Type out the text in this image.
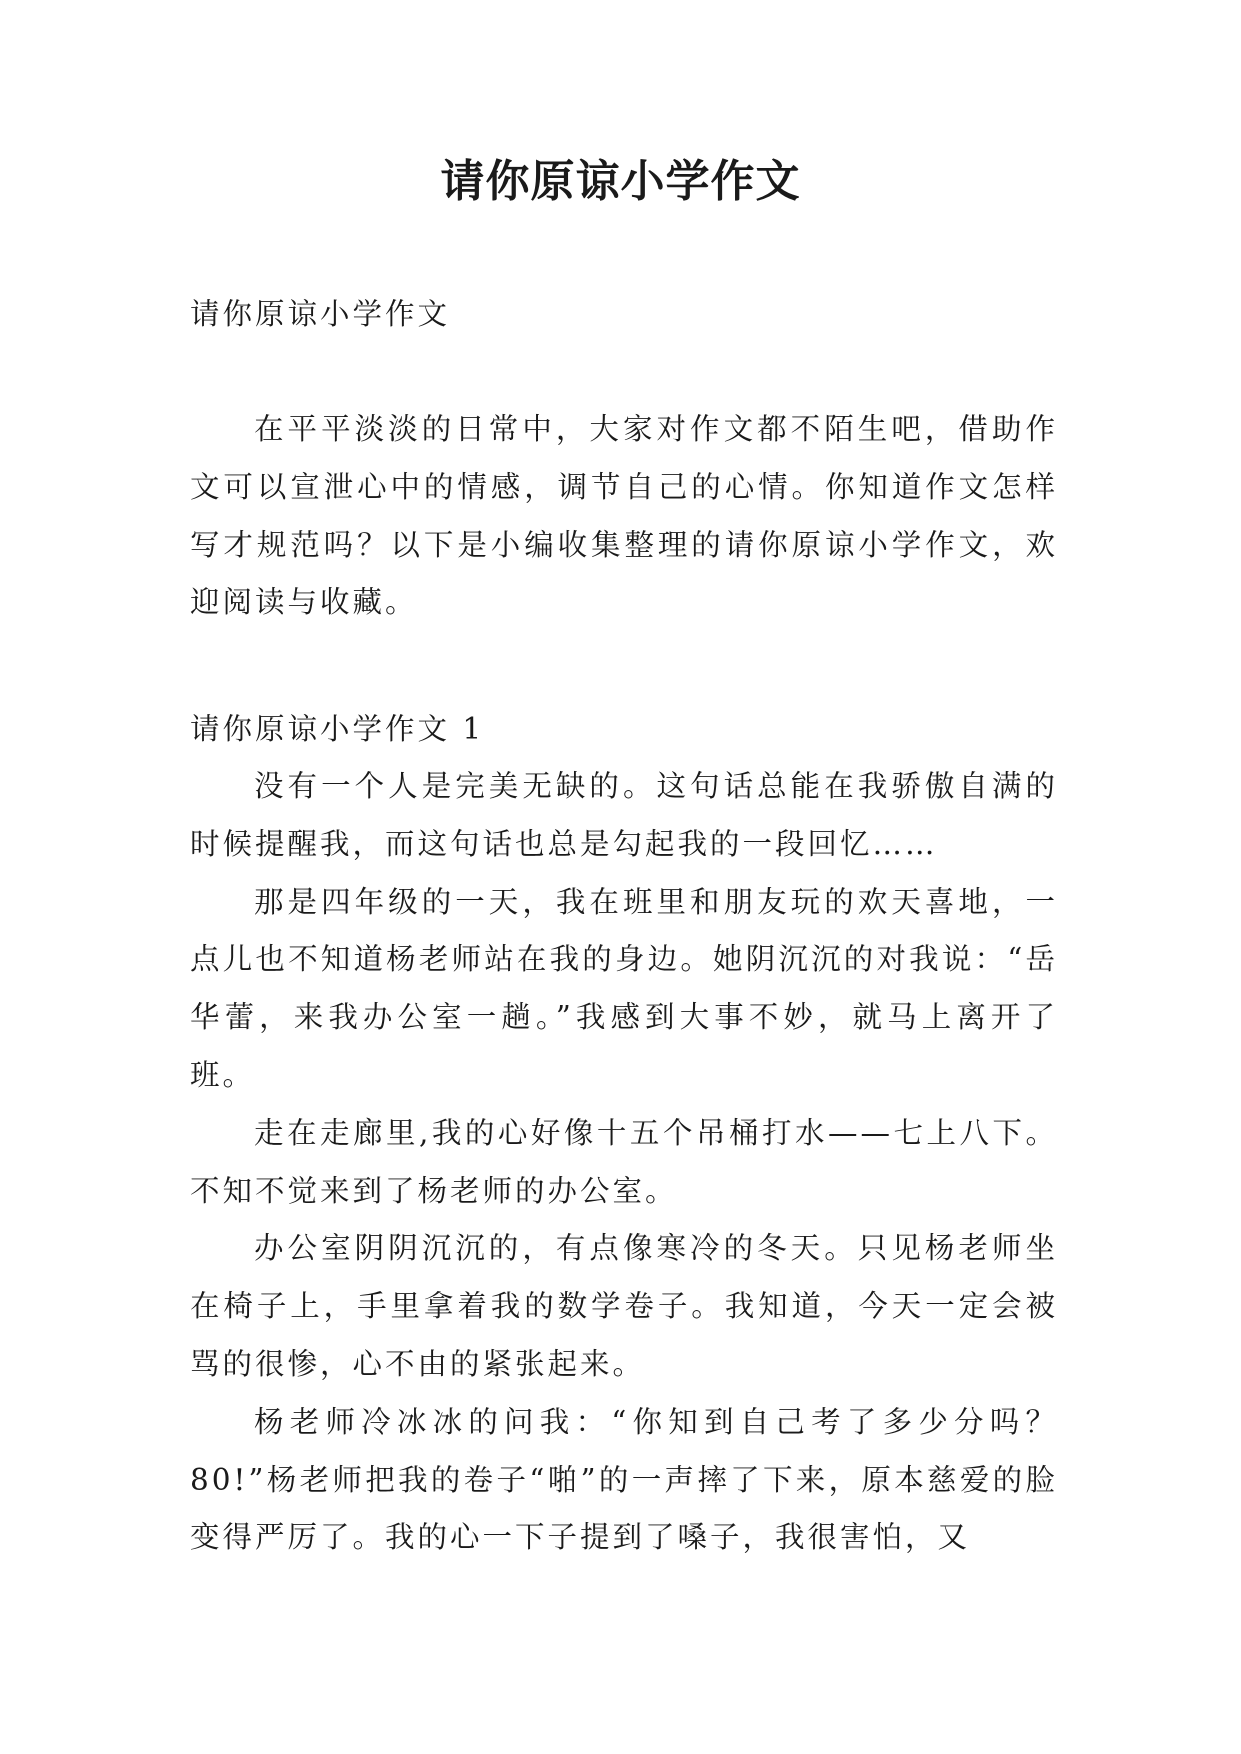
请你原谅小学作文
请你原谅小学作文
在平平淡淡的日常中，大家对作文都不陌生吧，借助作文可以宣泄心中的情感，调节自己的心情。你知道作文怎样写才规范吗？以下是小编收集整理的请你原谅小学作文，欢迎阅读与收藏。
请你原谅小学作文 1

没有一个人是完美无缺的。这句话总能在我骄傲自满的时候提醒我，而这句话也总是勾起我的一段回忆……

那是四年级的一天，我在班里和朋友玩的欢天喜地，一点儿也不知道杨老师站在我的身边。她阴沉沉的对我说：“岳华蕾，来我办公室一趟。”我感到大事不妙，就马上离开了班。

走在走廊里,我的心好像十五个吊桶打水——七上八下。不知不觉来到了杨老师的办公室。

办公室阴阴沉沉的，有点像寒冷的冬天。只见杨老师坐在椅子上，手里拿着我的数学卷子。我知道，今天一定会被骂的很惨，心不由的紧张起来。

杨老师冷冰冰的问我：“你知到自己考了多少分吗？80!”杨老师把我的卷子“啪”的一声摔了下来，原本慈爱的脸变得严厉了。我的心一下子提到了嗓子，我很害怕，又
